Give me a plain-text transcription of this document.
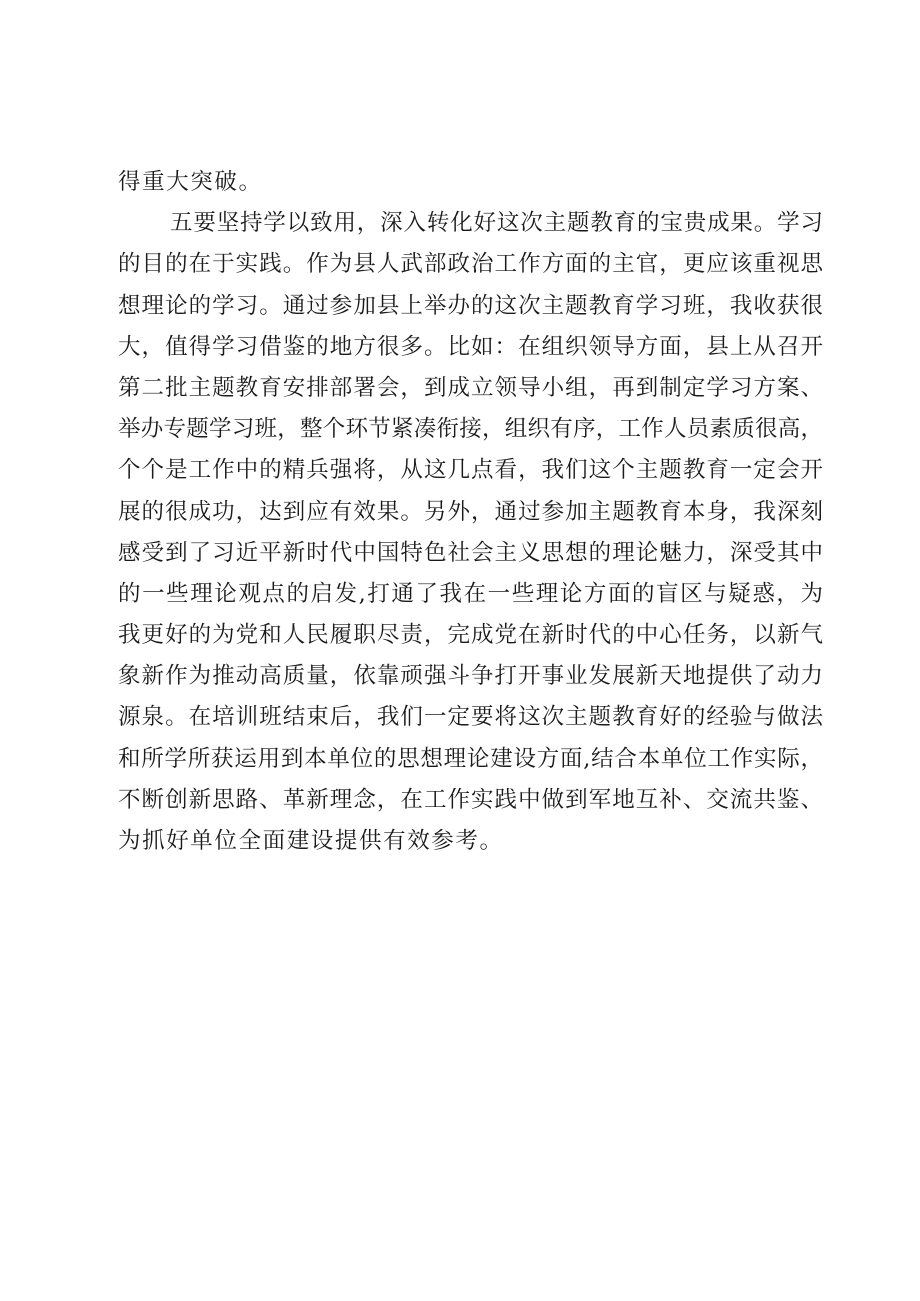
得重大突破。
五要坚持学以致用，深入转化好这次主题教育的宝贵成果。学习
的目的在于实践。作为县人武部政治工作方面的主官，更应该重视思
想理论的学习。通过参加县上举办的这次主题教育学习班，我收获很
大，值得学习借鉴的地方很多。比如：在组织领导方面，县上从召开
第二批主题教育安排部署会，到成立领导小组，再到制定学习方案、
举办专题学习班，整个环节紧凑衔接，组织有序，工作人员素质很高，
个个是工作中的精兵强将，从这几点看，我们这个主题教育一定会开
展的很成功，达到应有效果。另外，通过参加主题教育本身，我深刻
感受到了习近平新时代中国特色社会主义思想的理论魅力，深受其中
的一些理论观点的启发,打通了我在一些理论方面的盲区与疑惑，为
我更好的为党和人民履职尽责，完成党在新时代的中心任务，以新气
象新作为推动高质量，依靠顽强斗争打开事业发展新天地提供了动力
源泉。在培训班结束后，我们一定要将这次主题教育好的经验与做法
和所学所获运用到本单位的思想理论建设方面,结合本单位工作实际，
不断创新思路、革新理念，在工作实践中做到军地互补、交流共鉴、
为抓好单位全面建设提供有效参考。
